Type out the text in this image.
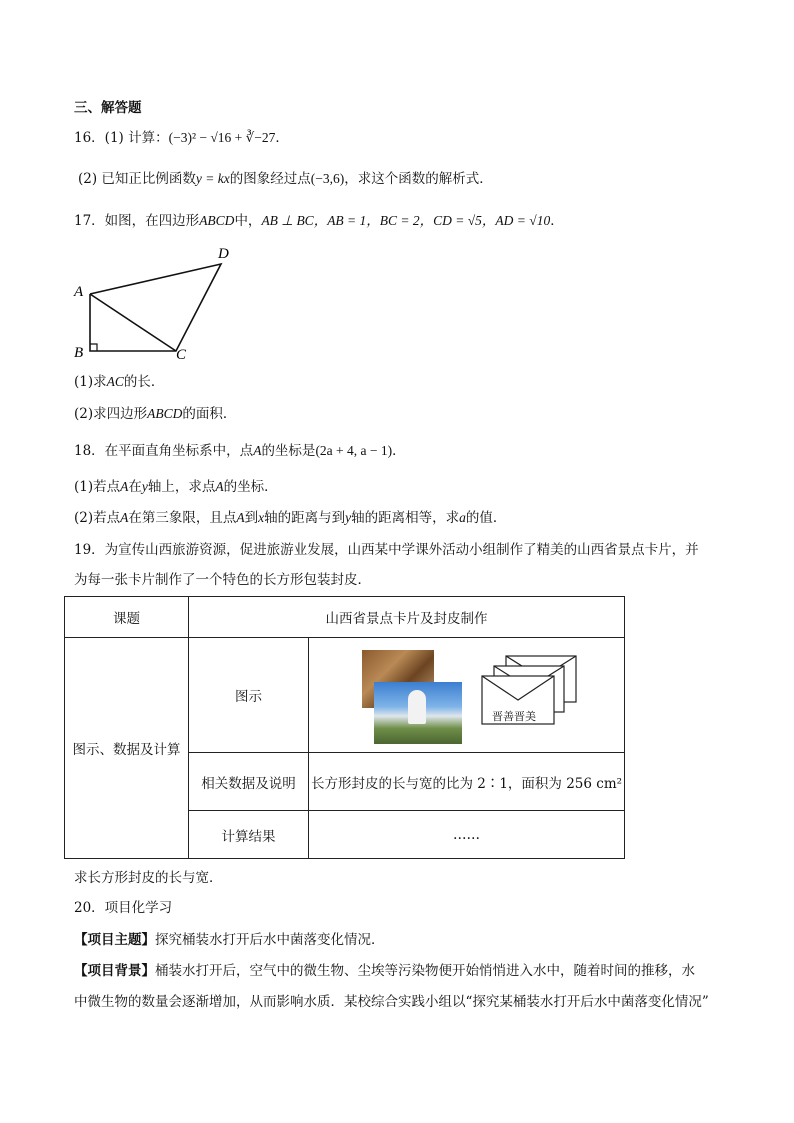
三、解答题
16．(1) 计算：(−3)² − √16 + ∛−27．
(2) 已知正比例函数y = kx的图象经过点(−3,6)，求这个函数的解析式．
17．如图，在四边形ABCD中，AB ⊥ BC，AB = 1，BC = 2，CD = √5，AD = √10．
D
A
B	C
(1)求AC的长．
(2)求四边形ABCD的面积．
18．在平面直角坐标系中，点A的坐标是(2a + 4, a − 1)．
(1)若点A在y轴上，求点A的坐标．
(2)若点A在第三象限，且点A到x轴的距离与到y轴的距离相等，求a的值．
19．为宣传山西旅游资源，促进旅游业发展，山西某中学课外活动小组制作了精美的山西省景点卡片，并
为每一张卡片制作了一个特色的长方形包装封皮．
课题	山西省景点卡片及封皮制作	
图示、数据及计算	图示	晋善晋美

	相关数据及说明	长方形封皮的长与宽的比为 2∶1，面积为 256 cm²
	计算结果	……
求长方形封皮的长与宽．
20．项目化学习
【项目主题】探究桶装水打开后水中菌落变化情况．
【项目背景】桶装水打开后，空气中的微生物、尘埃等污染物便开始悄悄进入水中，随着时间的推移，水
中微生物的数量会逐渐增加，从而影响水质．某校综合实践小组以“探究某桶装水打开后水中菌落变化情况”
